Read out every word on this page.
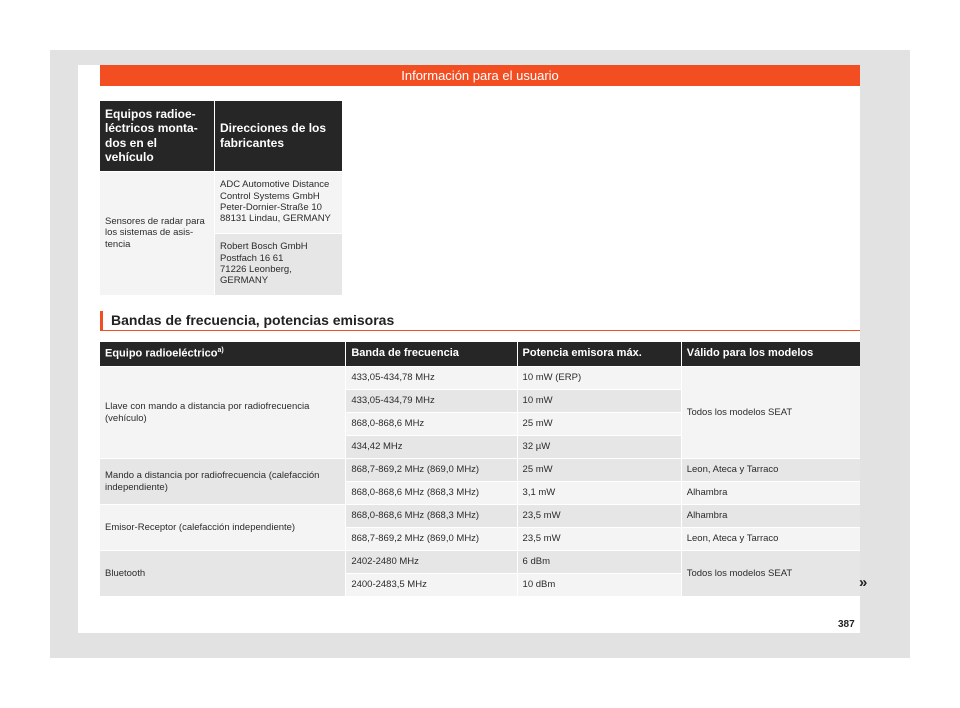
Información para el usuario
Equipos radioe-
léctricos monta-
dos en el vehículo	Direcciones de los fabricantes
Sensores de radar para los sistemas de asis-
tencia	ADC Automotive Distance
Control Systems GmbH
Peter-Dornier-Straße 10
88131 Lindau, GERMANY
	Robert Bosch GmbH
Postfach 16 61
71226 Leonberg,
GERMANY
Bandas de frecuencia, potencias emisoras
Equipo radioeléctrico$^{a)}$	Banda de frecuencia	Potencia emisora máx.	Válido para los modelos
Llave con mando a distancia por radiofrecuencia (vehículo)	433,05-434,78 MHz	10 mW (ERP)	Todos los modelos SEAT
	433,05-434,79 MHz	10 mW	
	868,0-868,6 MHz	25 mW	
	434,42 MHz	32 µW	
Mando a distancia por radiofrecuencia (calefacción independiente)	868,7-869,2 MHz (869,0 MHz)	25 mW	Leon, Ateca y Tarraco
	868,0-868,6 MHz (868,3 MHz)	3,1 mW	Alhambra
Emisor-Receptor (calefacción independiente)	868,0-868,6 MHz (868,3 MHz)	23,5 mW	Alhambra
	868,7-869,2 MHz (869,0 MHz)	23,5 mW	Leon, Ateca y Tarraco
Bluetooth	2402-2480 MHz	6 dBm	Todos los modelos SEAT
	2400-2483,5 MHz	10 dBm		»
387
